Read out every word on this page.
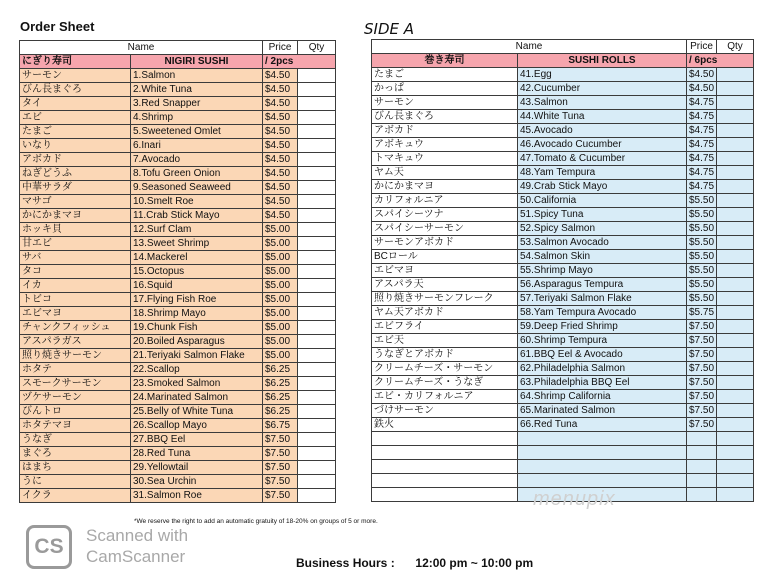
Order Sheet	SIDE A
Name		Price	Qty
にぎり寿司	NIGIRI SUSHI	/ 2pcs	
サーモン	1.Salmon	$4.50	
びん長まぐろ	2.White Tuna	$4.50	
タイ	3.Red Snapper	$4.50	
エビ	4.Shrimp	$4.50	
たまご	5.Sweetened Omlet	$4.50	
いなり	6.Inari	$4.50	
アボカド	7.Avocado	$4.50	
ねぎどうふ	8.Tofu Green Onion	$4.50	
中華サラダ	9.Seasoned Seaweed	$4.50	
マサゴ	10.Smelt Roe	$4.50	
かにかまマヨ	11.Crab Stick Mayo	$4.50	
ホッキ貝	12.Surf Clam	$5.00	
甘エビ	13.Sweet Shrimp	$5.00	
サバ	14.Mackerel	$5.00	
タコ	15.Octopus	$5.00	
イカ	16.Squid	$5.00	
トビコ	17.Flying Fish Roe	$5.00	
エビマヨ	18.Shrimp Mayo	$5.00	
チャンクフィッシュ	19.Chunk Fish	$5.00	
アスパラガス	20.Boiled Asparagus	$5.00	
照り焼きサーモン	21.Teriyaki Salmon Flake	$5.00	
ホタテ	22.Scallop	$6.25	
スモークサーモン	23.Smoked Salmon	$6.25	
ヅケサーモン	24.Marinated Salmon	$6.25	
びんトロ	25.Belly of White Tuna	$6.25	
ホタテマヨ	26.Scallop Mayo	$6.75	
うなぎ	27.BBQ Eel	$7.50	
まぐろ	28.Red Tuna	$7.50	
はまち	29.Yellowtail	$7.50	
うに	30.Sea Urchin	$7.50	
イクラ	31.Salmon Roe	$7.50	
Name		Price	Qty
巻き寿司	SUSHI ROLLS	/ 6pcs	
たまご	41.Egg	$4.50	
かっぱ	42.Cucumber	$4.50	
サーモン	43.Salmon	$4.75	
びん長まぐろ	44.White Tuna	$4.75	
アボカド	45.Avocado	$4.75	
アボキュウ	46.Avocado Cucumber	$4.75	
トマキュウ	47.Tomato & Cucumber	$4.75	
ヤム天	48.Yam Tempura	$4.75	
かにかまマヨ	49.Crab Stick Mayo	$4.75	
カリフォルニア	50.California	$5.50	
スパイシーツナ	51.Spicy Tuna	$5.50	
スパイシーサーモン	52.Spicy Salmon	$5.50	
サーモンアボカド	53.Salmon Avocado	$5.50	
BCロール	54.Salmon Skin	$5.50	
エビマヨ	55.Shrimp Mayo	$5.50	
アスパラ天	56.Asparagus Tempura	$5.50	
照り焼きサーモンフレーク	57.Teriyaki Salmon Flake	$5.50	
ヤム天アボカド	58.Yam Tempura Avocado	$5.75	
エビフライ	59.Deep Fried Shrimp	$7.50	
エビ天	60.Shrimp Tempura	$7.50	
うなぎとアボカド	61.BBQ Eel & Avocado	$7.50	
クリームチーズ・サーモン	62.Philadelphia Salmon	$7.50	
クリームチーズ・うなぎ	63.Philadelphia BBQ Eel	$7.50	
エビ・カリフォルニア	64.Shrimp California	$7.50	
づけサーモン	65.Marinated Salmon	$7.50	
鉄火	66.Red Tuna	$7.50	

menupix
*We reserve the right to add an automatic gratuity of 18-20% on groups of 5 or more.
CS	Scanned with
CamScanner	Business Hours : 12:00 pm ~ 10:00 pm
